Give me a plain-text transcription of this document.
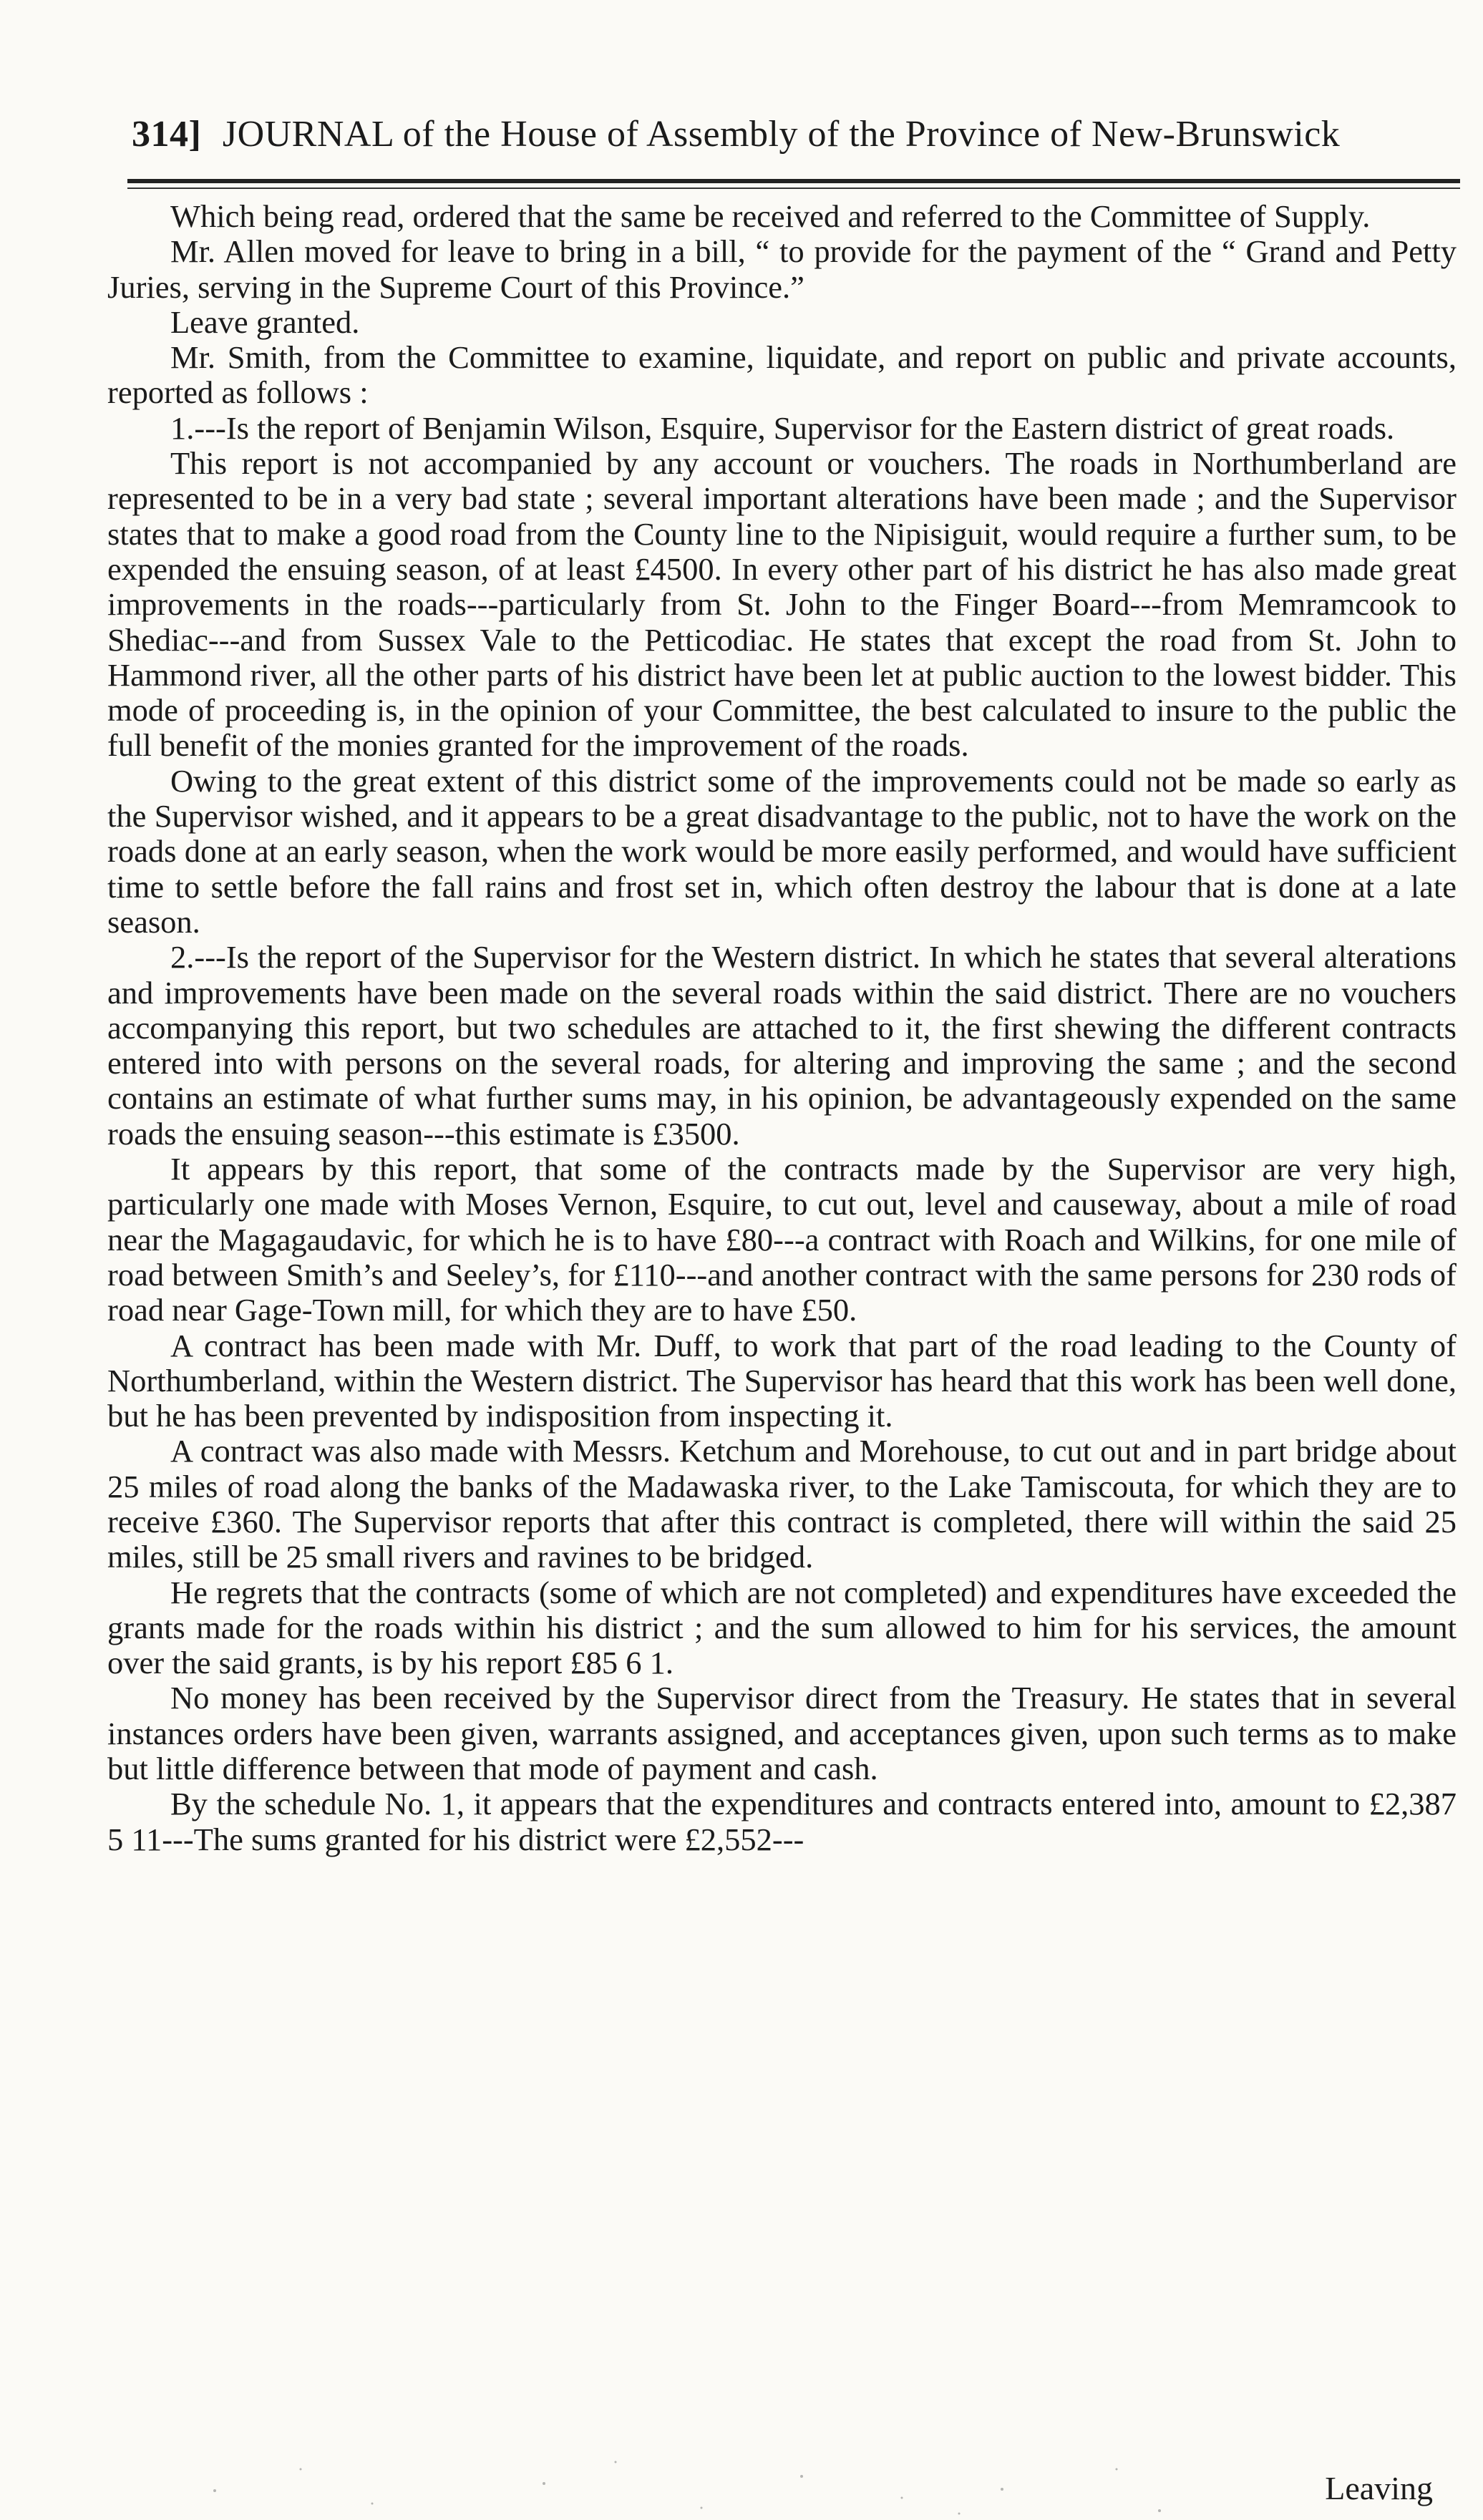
314] JOURNAL of the House of Assembly of the Province of New-Brunswick

Which being read, ordered that the same be received and referred to the Committee of Supply.

Mr. Allen moved for leave to bring in a bill, “ to provide for the payment of the “ Grand and Petty Juries, serving in the Supreme Court of this Province.”

Leave granted.

Mr. Smith, from the Committee to examine, liquidate, and report on public and private accounts, reported as follows :

1.---Is the report of Benjamin Wilson, Esquire, Supervisor for the Eastern district of great roads.

This report is not accompanied by any account or vouchers. The roads in Northumberland are represented to be in a very bad state ; several important alterations have been made ; and the Supervisor states that to make a good road from the County line to the Nipisiguit, would require a further sum, to be expended the ensuing season, of at least £4500. In every other part of his district he has also made great improvements in the roads---particularly from St. John to the Finger Board---from Memramcook to Shediac---and from Sussex Vale to the Petticodiac. He states that except the road from St. John to Hammond river, all the other parts of his district have been let at public auction to the lowest bidder. This mode of proceeding is, in the opinion of your Committee, the best calculated to insure to the public the full benefit of the monies granted for the improvement of the roads.

Owing to the great extent of this district some of the improvements could not be made so early as the Supervisor wished, and it appears to be a great disadvantage to the public, not to have the work on the roads done at an early season, when the work would be more easily performed, and would have sufficient time to settle before the fall rains and frost set in, which often destroy the labour that is done at a late season.

2.---Is the report of the Supervisor for the Western district. In which he states that several alterations and improvements have been made on the several roads within the said district. There are no vouchers accompanying this report, but two schedules are attached to it, the first shewing the different contracts entered into with persons on the several roads, for altering and improving the same ; and the second contains an estimate of what further sums may, in his opinion, be advantageously expended on the same roads the ensuing season---this estimate is £3500.

It appears by this report, that some of the contracts made by the Supervisor are very high, particularly one made with Moses Vernon, Esquire, to cut out, level and causeway, about a mile of road near the Magagaudavic, for which he is to have £80---a contract with Roach and Wilkins, for one mile of road between Smith’s and Seeley’s, for £110---and another contract with the same persons for 230 rods of road near Gage-Town mill, for which they are to have £50.

A contract has been made with Mr. Duff, to work that part of the road leading to the County of Northumberland, within the Western district. The Supervisor has heard that this work has been well done, but he has been prevented by indisposition from inspecting it.

A contract was also made with Messrs. Ketchum and Morehouse, to cut out and in part bridge about 25 miles of road along the banks of the Madawaska river, to the Lake Tamiscouta, for which they are to receive £360. The Supervisor reports that after this contract is completed, there will within the said 25 miles, still be 25 small rivers and ravines to be bridged.

He regrets that the contracts (some of which are not completed) and expenditures have exceeded the grants made for the roads within his district ; and the sum allowed to him for his services, the amount over the said grants, is by his report £85 6 1.

No money has been received by the Supervisor direct from the Treasury. He states that in several instances orders have been given, warrants assigned, and acceptances given, upon such terms as to make but little difference between that mode of payment and cash.

By the schedule No. 1, it appears that the expenditures and contracts entered into, amount to £2,387 5 11---The sums granted for his district were £2,552---

Leaving
